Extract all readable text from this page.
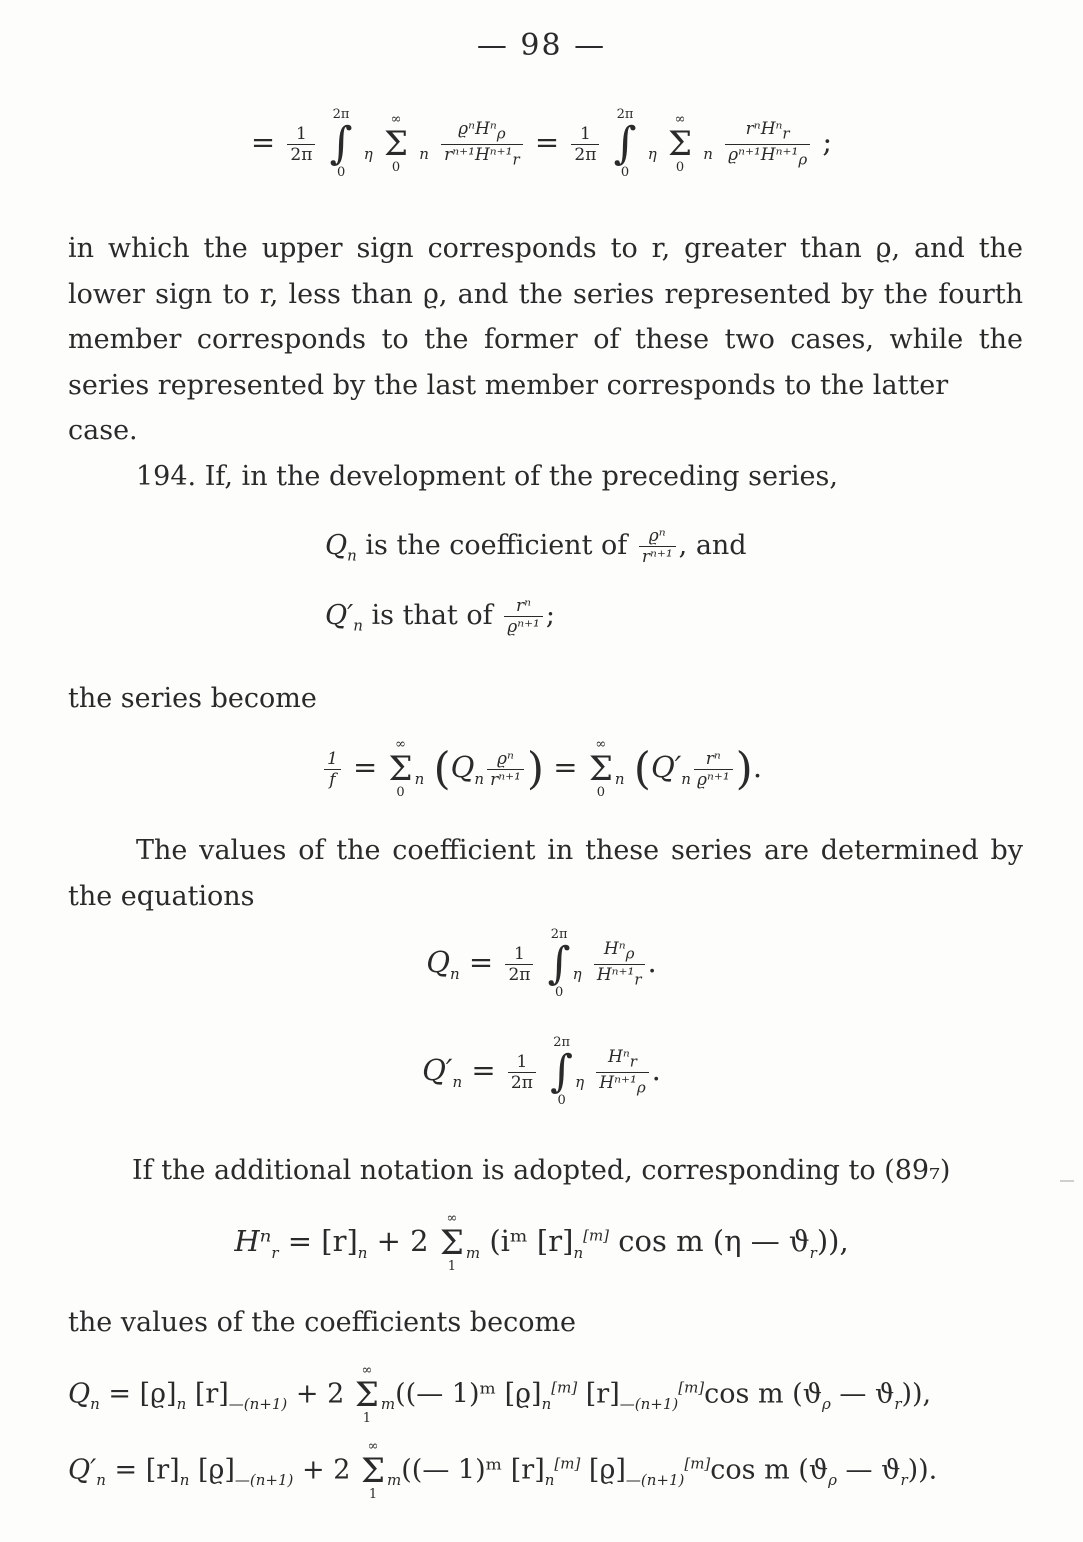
— 98 —
= $\frac{1}{2\pi}$
2π
∫
0 $_\eta$ ∞
Σ
0 $_n \frac{\text{ϱⁿHⁿρ}}{\text{rⁿ⁺¹Hⁿ⁺¹r}} = \frac{1}{2\pi}$
2π
∫
0 $_\eta$ ∞
Σ
0 $_n \frac{\text{rⁿHⁿr}}{\text{ϱⁿ⁺¹Hⁿ⁺¹ρ}}$ ;
in which the upper sign corresponds to r, greater than ϱ, and the lower sign to r, less than ϱ, and the series represented by the fourth member corresponds to the former of these two cases, while the series represented by the last member corresponds to the latter
case.
194. If, in the development of the preceding series,
$Q_n$ is the coefficient of $\frac{\text{ϱⁿ}}{\text{rⁿ⁺¹}}$ , and
$Q'_n$ is that of $\frac{\text{rⁿ}}{\text{ϱⁿ⁺¹}}$ ;
the series become
$\frac{1}{f}$ = ∞
Σ
$0_n$ ($Q_n \frac{\text{ϱⁿ}}{\text{rⁿ⁺¹}}$ ) = ∞
Σ
$0_n$ ($Q'_n \frac{\text{rⁿ}}{\text{ϱⁿ⁺¹}}$ ).
The values of the coefficient in these series are determined by
the equations
$Q_n = \frac{1}{2\pi}$
2π
∫
$0_\eta \frac{\text{Hⁿρ}}{\text{Hⁿ⁺¹r}}$ .
$Q'_n = \frac{1}{2\pi}$
2π
∫
$0_\eta \frac{\text{Hⁿr}}{\text{Hⁿ⁺¹ρ}}$ .
If the additional notation is adopted, corresponding to (89₇)
$H^n_r = [r]_n + 2$ ∞
Σ
$1_m$ (iᵐ $[r]_n[m]$ cos m (η — $ϑ_r$)),
the values of the coefficients become
$Q_n = [ϱ]_n$ $[r]_{—(n+1)} + 2$ ∞
Σ
$1_m((—$ 1)ᵐ $[ϱ]_n[m]$ $[r]_{—(n+1)}[m]\cos$ m ($ϑ_\rho$ — $ϑ_r$)),
$Q'_n = [r]_n$ $[ϱ]_{—(n+1)} + 2$ ∞
Σ
$1_m((—$ 1)ᵐ $[r]_n[m]$ $[ϱ]_{—(n+1)}[m]\cos$ m ($ϑ_\rho$ — $ϑ_r$)).
